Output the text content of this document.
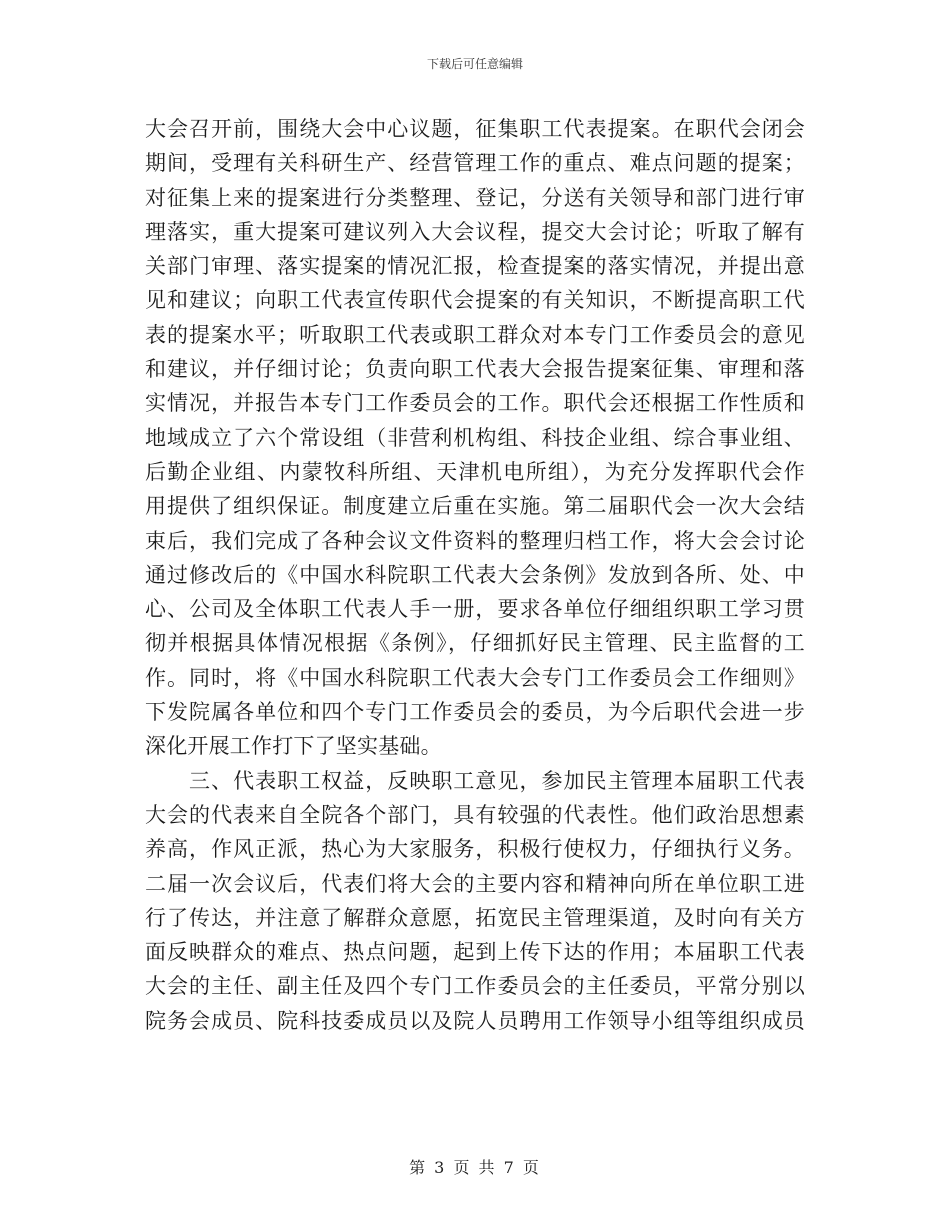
下载后可任意编辑
大会召开前，围绕大会中心议题，征集职工代表提案。在职代会闭会
期间，受理有关科研生产、经营管理工作的重点、难点问题的提案；
对征集上来的提案进行分类整理、登记，分送有关领导和部门进行审
理落实，重大提案可建议列入大会议程，提交大会讨论；听取了解有
关部门审理、落实提案的情况汇报，检查提案的落实情况，并提出意
见和建议；向职工代表宣传职代会提案的有关知识，不断提高职工代
表的提案水平；听取职工代表或职工群众对本专门工作委员会的意见
和建议，并仔细讨论；负责向职工代表大会报告提案征集、审理和落
实情况，并报告本专门工作委员会的工作。职代会还根据工作性质和
地域成立了六个常设组（非营利机构组、科技企业组、综合事业组、
后勤企业组、内蒙牧科所组、天津机电所组），为充分发挥职代会作
用提供了组织保证。制度建立后重在实施。第二届职代会一次大会结
束后，我们完成了各种会议文件资料的整理归档工作，将大会会讨论
通过修改后的《中国水科院职工代表大会条例》发放到各所、处、中
心、公司及全体职工代表人手一册，要求各单位仔细组织职工学习贯
彻并根据具体情况根据《条例》，仔细抓好民主管理、民主监督的工
作。同时，将《中国水科院职工代表大会专门工作委员会工作细则》
下发院属各单位和四个专门工作委员会的委员，为今后职代会进一步
深化开展工作打下了坚实基础。
　　三、代表职工权益，反映职工意见，参加民主管理本届职工代表
大会的代表来自全院各个部门，具有较强的代表性。他们政治思想素
养高，作风正派，热心为大家服务，积极行使权力，仔细执行义务。
二届一次会议后，代表们将大会的主要内容和精神向所在单位职工进
行了传达，并注意了解群众意愿，拓宽民主管理渠道，及时向有关方
面反映群众的难点、热点问题，起到上传下达的作用；本届职工代表
大会的主任、副主任及四个专门工作委员会的主任委员，平常分别以
院务会成员、院科技委成员以及院人员聘用工作领导小组等组织成员
第 3 页 共 7 页
